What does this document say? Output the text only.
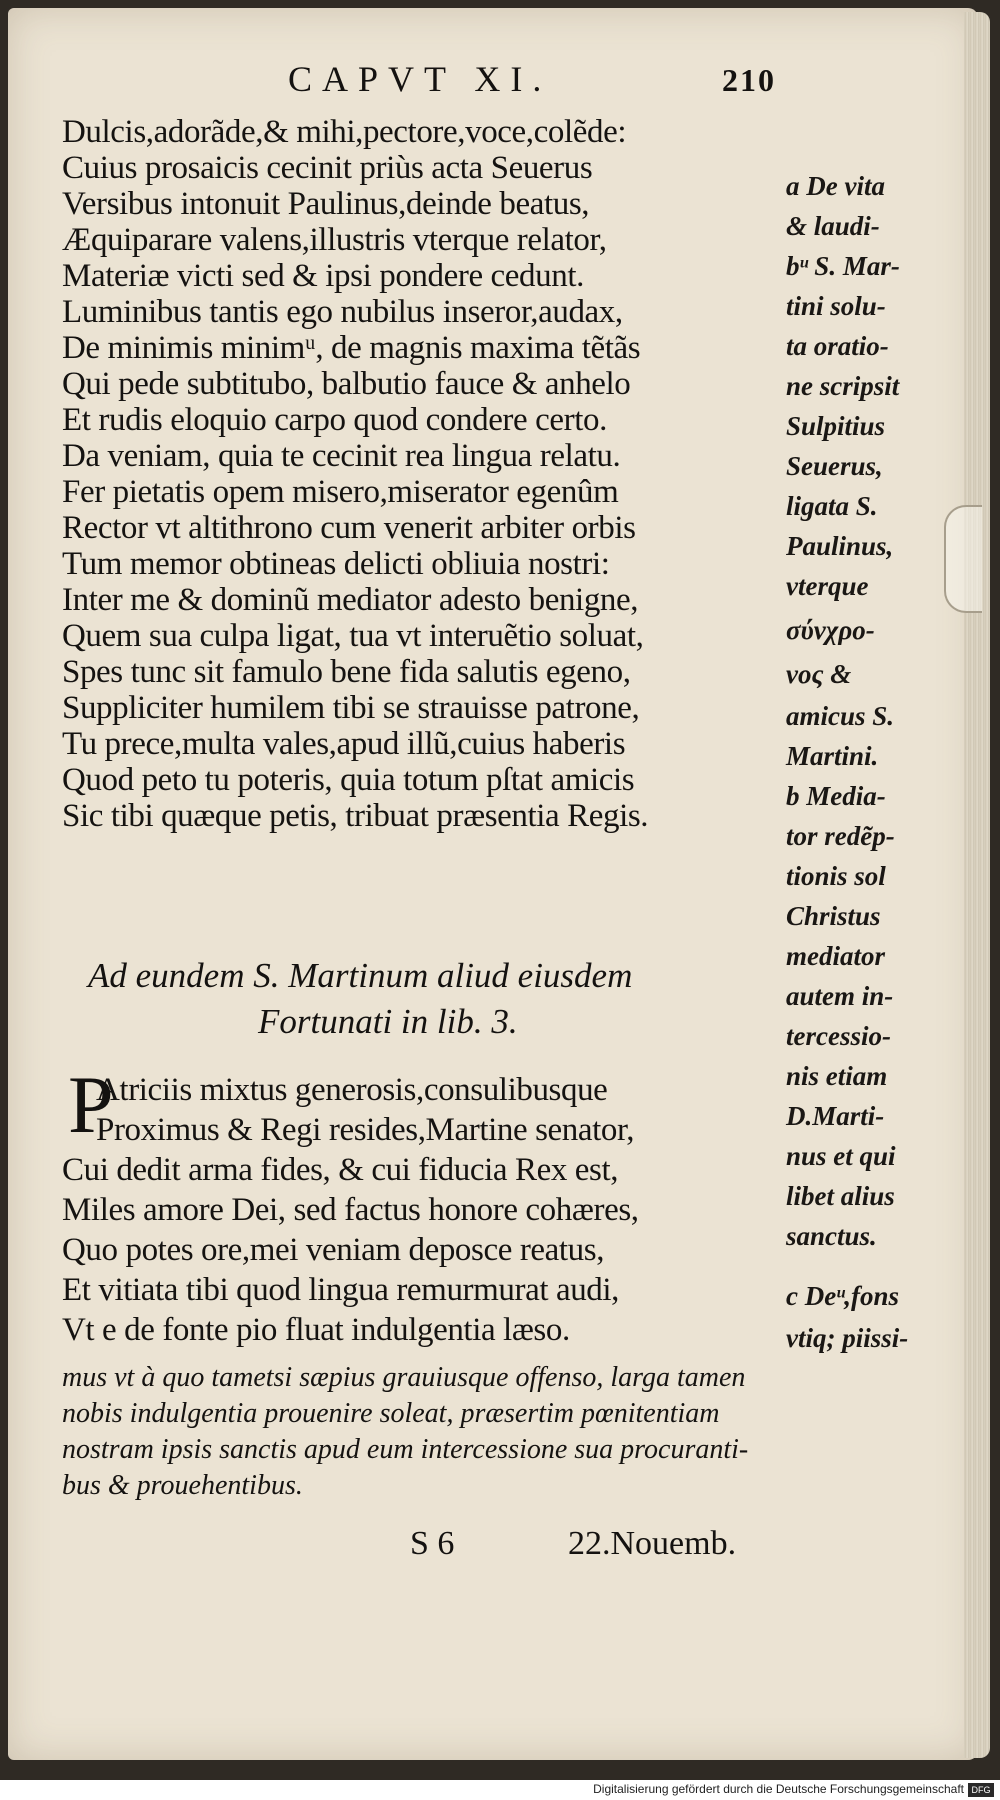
CAPVT XI.	210
Dulcis,adorãde,& mihi,pectore,voce,colẽde:
Cuius prosaicis cecinit priùs acta Seuerus
Versibus intonuit Paulinus,deinde beatus,
Æquiparare valens,illustris vterque relator,
Materiæ victi sed & ipsi pondere cedunt.
Luminibus tantis ego nubilus inseror,audax,
De minimis minimᵘ, de magnis maxima tẽtãs
Qui pede subtitubo, balbutio fauce & anhelo
Et rudis eloquio carpo quod condere certo.
Da veniam, quia te cecinit rea lingua relatu.
Fer pietatis opem misero,miserator egenûm
Rector vt altithrono cum venerit arbiter orbis
Tum memor obtineas delicti obliuia nostri:
Inter me & dominũ mediator adesto benigne,
Quem sua culpa ligat, tua vt interuẽtio soluat,
Spes tunc sit famulo bene fida salutis egeno,
Suppliciter humilem tibi se strauisse patrone,
Tu prece,multa vales,apud illũ,cuius haberis
Quod peto tu poteris, quia totum pſtat amicis
Sic tibi quæque petis, tribuat præsentia Regis.
Ad eundem S. Martinum aliud eiusdem
Fortunati in lib. 3.
P
Atriciis mixtus generosis,consulibusque
Proximus & Regi resides,Martine senator,
Cui dedit arma fides, & cui fiducia Rex est,
Miles amore Dei, sed factus honore cohæres,
Quo potes ore,mei veniam deposce reatus,
Et vitiata tibi quod lingua remurmurat audi,
Vt e de fonte pio fluat indulgentia læso.
mus vt à quo tametsi sæpius grauiusque offenso, larga tamen
nobis indulgentia prouenire soleat, præsertim pœnitentiam
nostram ipsis sanctis apud eum intercessione sua procuranti-
bus & prouehentibus.
a De vita
& laudi-
bᵘ S. Mar-
tini solu-
ta oratio-
ne scripsit
Sulpitius
Seuerus,
ligata S.
Paulinus,
vterque
σύνχρο-
νος &
amicus S.
Martini.
b Media-
tor redẽp-
tionis sol
Christus
mediator
autem in-
tercessio-
nis etiam
D.Marti-
nus et qui
libet alius
sanctus.
c Deᵘ,fons
vtiq; piissi-
S 6	22.Nouemb.
Digitalisierung gefördert durch die Deutsche Forschungsgemeinschaft DFG
